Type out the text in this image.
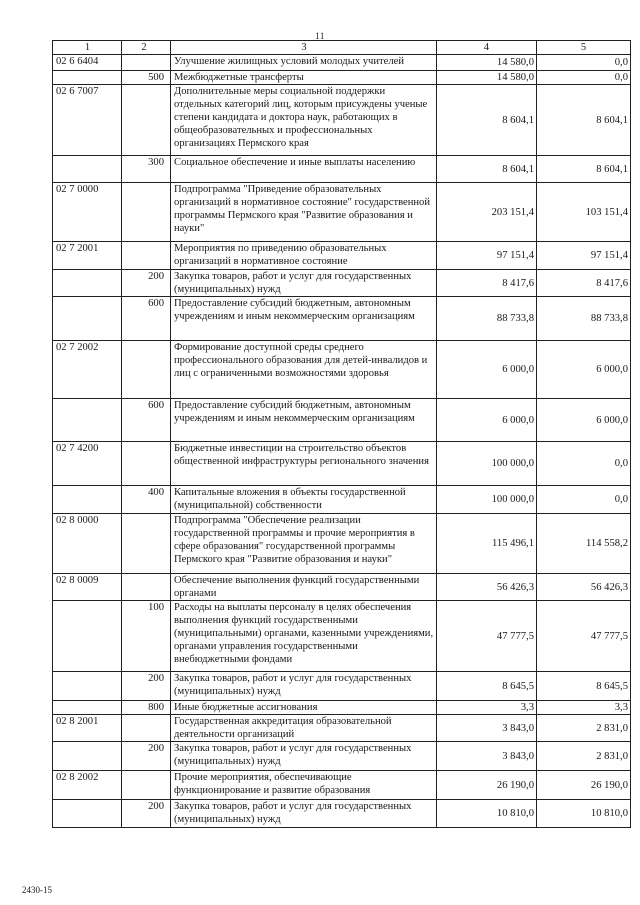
11
1	2	3	4	5
02 6 6404		Улучшение жилищных условий молодых учителей	14 580,0	0,0
	500	Межбюджетные трансферты	14 580,0	0,0
02 6 7007		Дополнительные меры социальной поддержки отдельных категорий лиц, которым присуждены ученые степени кандидата и доктора наук, работающих в общеобразовательных и профессиональных организациях Пермского края	8 604,1	8 604,1
	300	Социальное обеспечение и иные выплаты населению	8 604,1	8 604,1
02 7 0000		Подпрограмма "Приведение образовательных организаций в нормативное состояние" государственной программы Пермского края "Развитие образования и науки"	203 151,4	103 151,4
02 7 2001		Мероприятия по приведению образовательных организаций в нормативное состояние	97 151,4	97 151,4
	200	Закупка товаров, работ и услуг для государственных (муниципальных) нужд	8 417,6	8 417,6
	600	Предоставление субсидий бюджетным, автономным учреждениям и иным некоммерческим организациям	88 733,8	88 733,8
02 7 2002		Формирование доступной среды среднего профессионального образования для детей-инвалидов и лиц с ограниченными возможностями здоровья	6 000,0	6 000,0
	600	Предоставление субсидий бюджетным, автономным учреждениям и иным некоммерческим организациям	6 000,0	6 000,0
02 7 4200		Бюджетные инвестиции на строительство объектов общественной инфраструктуры регионального значения	100 000,0	0,0
	400	Капитальные вложения в объекты государственной (муниципальной) собственности	100 000,0	0,0
02 8 0000		Подпрограмма "Обеспечение реализации государственной программы и прочие мероприятия в сфере образования" государственной программы Пермского края "Развитие образования и науки"	115 496,1	114 558,2
02 8 0009		Обеспечение выполнения функций государственными органами	56 426,3	56 426,3
	100	Расходы на выплаты персоналу в целях обеспечения выполнения функций государственными (муниципальными) органами, казенными учреждениями, органами управления государственными внебюджетными фондами	47 777,5	47 777,5
	200	Закупка товаров, работ и услуг для государственных (муниципальных) нужд	8 645,5	8 645,5
	800	Иные бюджетные ассигнования	3,3	3,3
02 8 2001		Государственная аккредитация образовательной деятельности организаций	3 843,0	2 831,0
	200	Закупка товаров, работ и услуг для государственных (муниципальных) нужд	3 843,0	2 831,0
02 8 2002		Прочие мероприятия, обеспечивающие функционирование и развитие образования	26 190,0	26 190,0
	200	Закупка товаров, работ и услуг для государственных (муниципальных) нужд	10 810,0	10 810,0
2430-15
